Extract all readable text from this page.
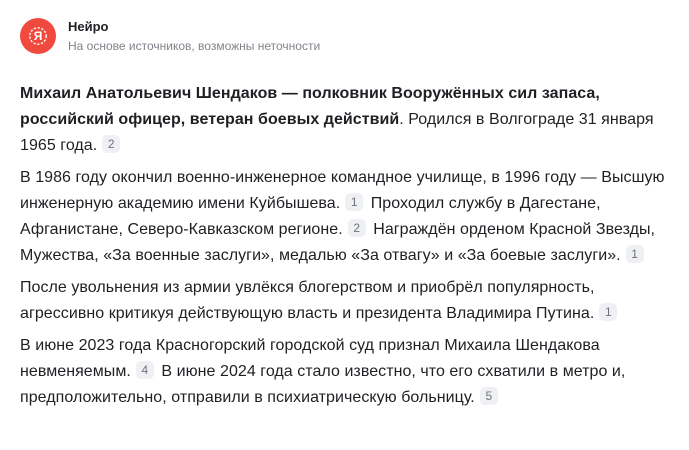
Я
Нейро
На основе источников, возможны неточности

Михаил Анатольевич Шендаков — полковник Вооружённых сил запаса, российский офицер, ветеран боевых действий. Родился в Волгограде 31 января 1965 года. 2

В 1986 году окончил военно-инженерное командное училище, в 1996 году — Высшую инженерную академию имени Куйбышева. 1 Проходил службу в Дагестане, Афганистане, Северо-Кавказском регионе. 2 Награждён орденом Красной Звезды, Мужества, «За военные заслуги», медалью «За отвагу» и «За боевые заслуги». 1

После увольнения из армии увлёкся блогерством и приобрёл популярность, агрессивно критикуя действующую власть и президента Владимира Путина. 1

В июне 2023 года Красногорский городской суд признал Михаила Шендакова невменяемым. 4 В июне 2024 года стало известно, что его схватили в метро и, предположительно, отправили в психиатрическую больницу. 5
